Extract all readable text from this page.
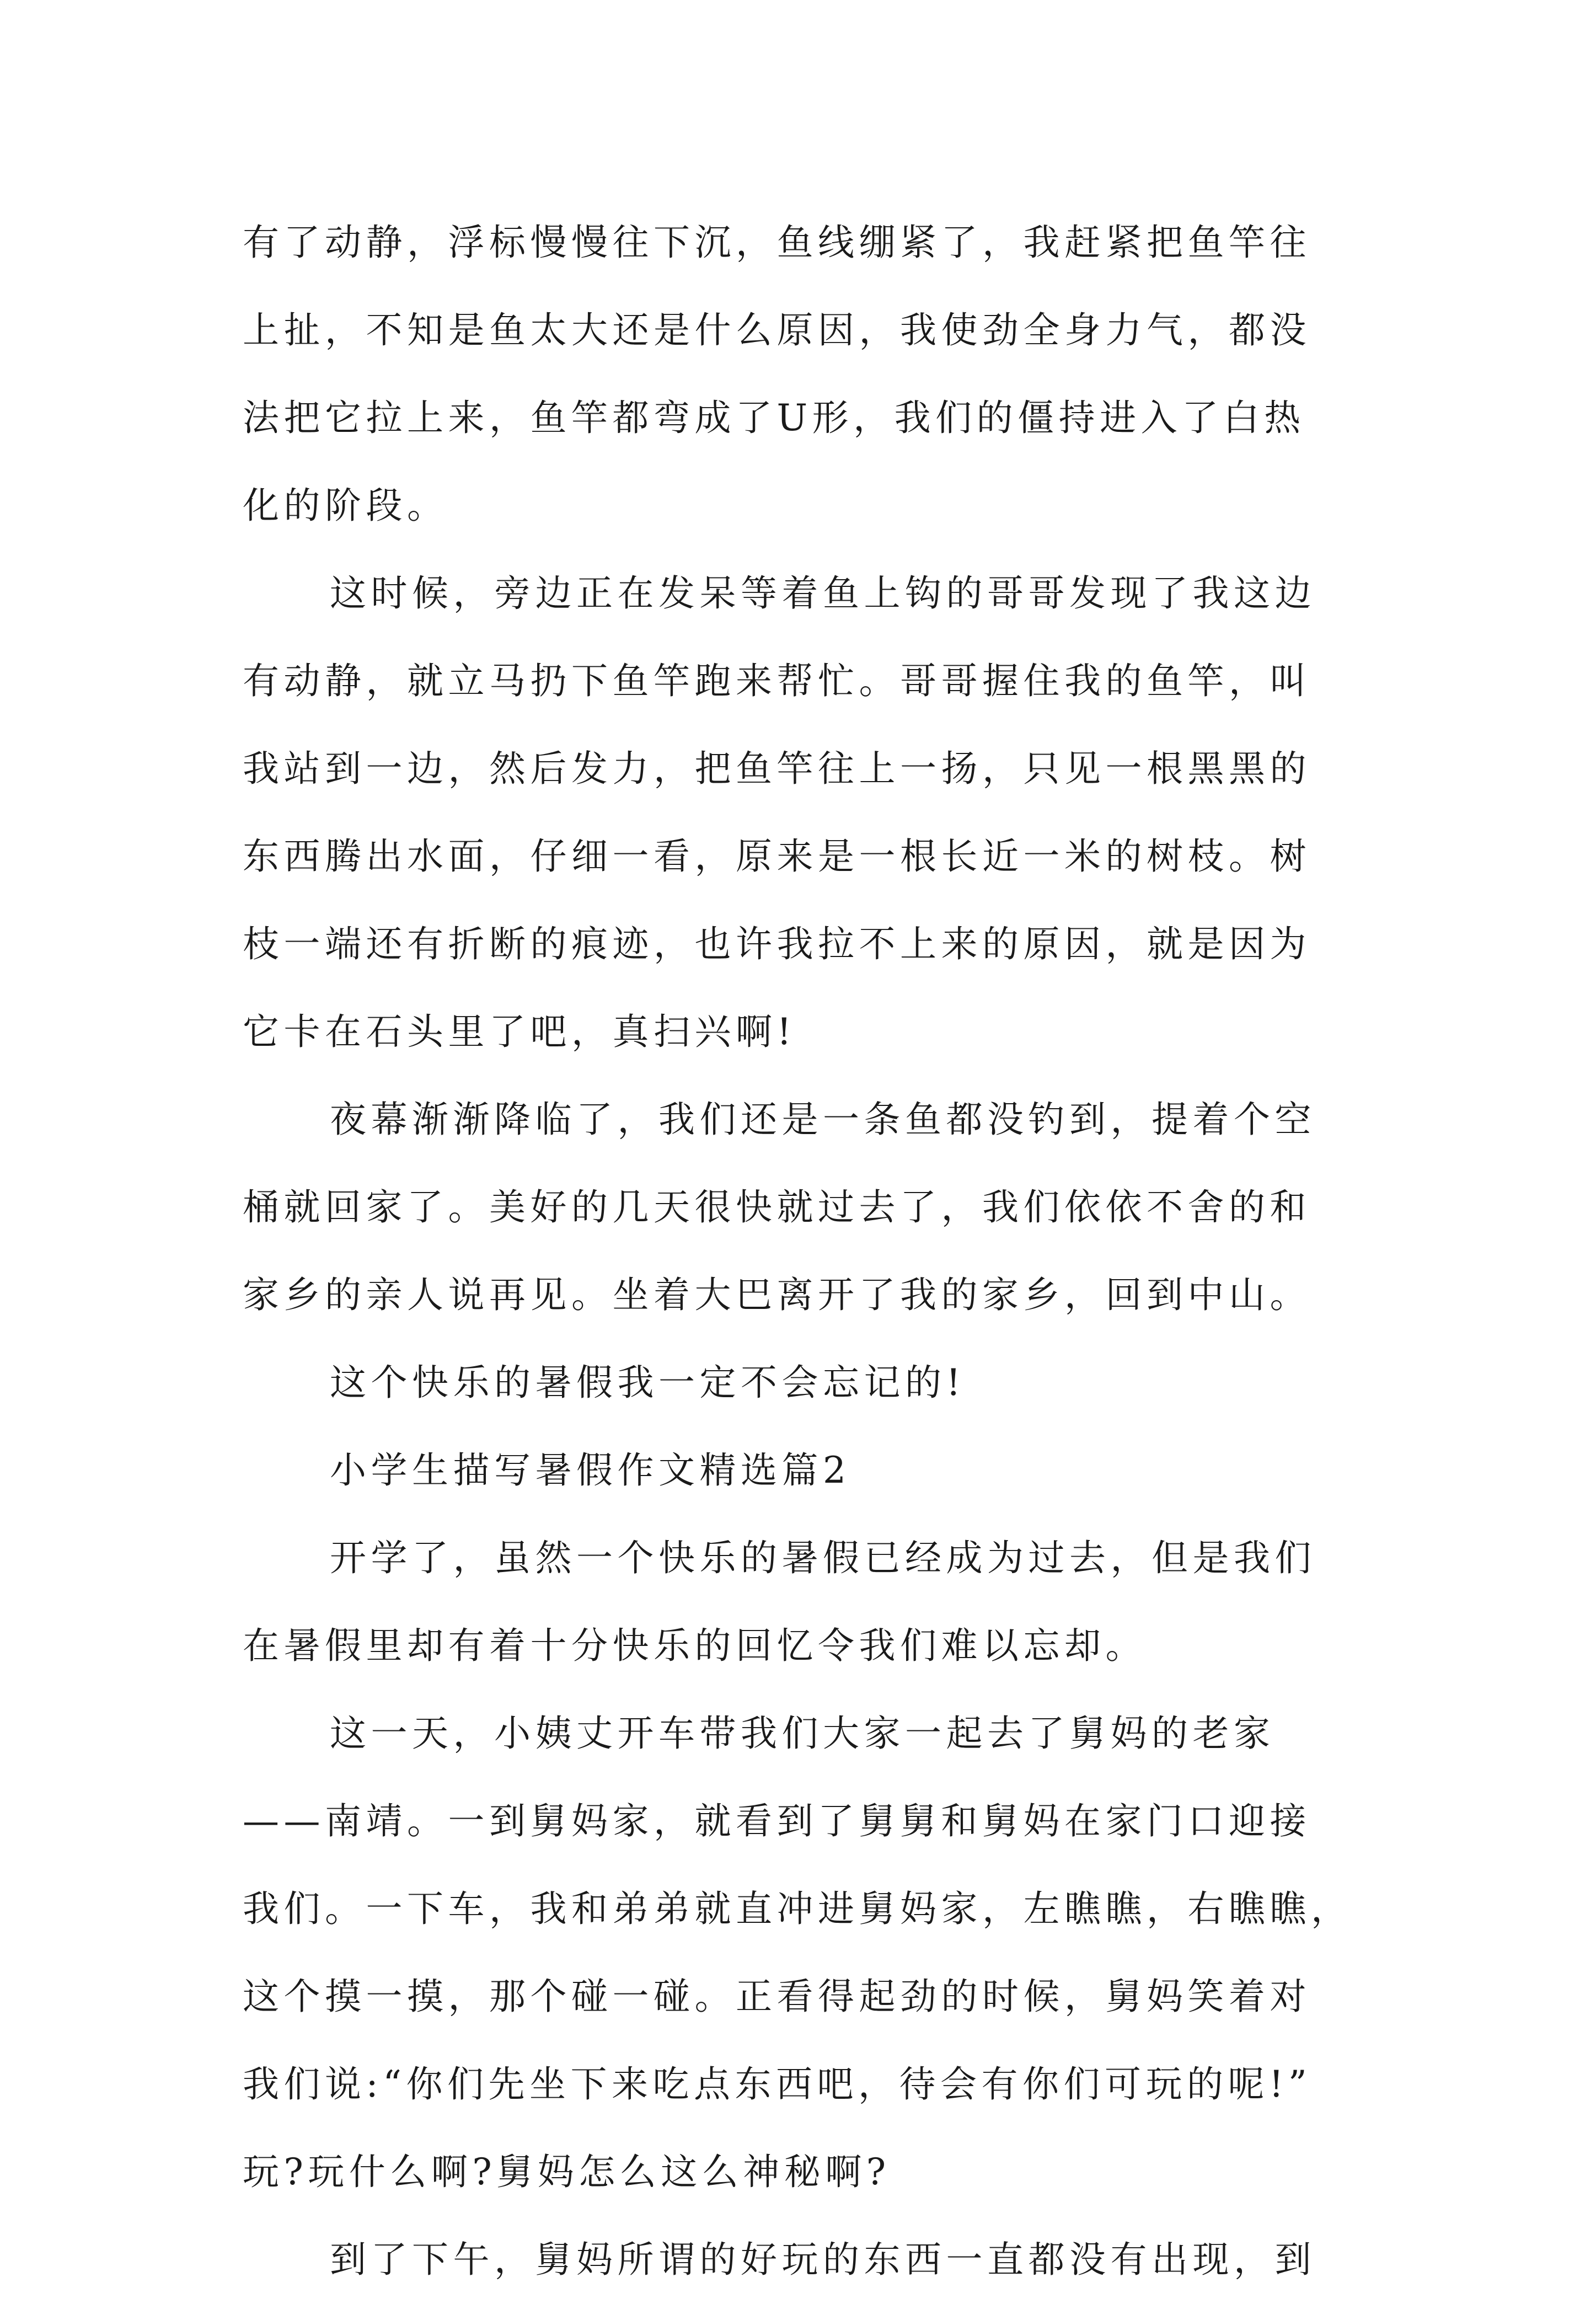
有了动静，浮标慢慢往下沉，鱼线绷紧了，我赶紧把鱼竿往

上扯，不知是鱼太大还是什么原因，我使劲全身力气，都没

法把它拉上来，鱼竿都弯成了U形，我们的僵持进入了白热

化的阶段。

这时候，旁边正在发呆等着鱼上钩的哥哥发现了我这边

有动静，就立马扔下鱼竿跑来帮忙。哥哥握住我的鱼竿，叫

我站到一边，然后发力，把鱼竿往上一扬，只见一根黑黑的

东西腾出水面，仔细一看，原来是一根长近一米的树枝。树

枝一端还有折断的痕迹，也许我拉不上来的原因，就是因为

它卡在石头里了吧，真扫兴啊!

夜幕渐渐降临了，我们还是一条鱼都没钓到，提着个空

桶就回家了。美好的几天很快就过去了，我们依依不舍的和

家乡的亲人说再见。坐着大巴离开了我的家乡，回到中山。

这个快乐的暑假我一定不会忘记的!

小学生描写暑假作文精选篇2

开学了，虽然一个快乐的暑假已经成为过去，但是我们

在暑假里却有着十分快乐的回忆令我们难以忘却。

这一天，小姨丈开车带我们大家一起去了舅妈的老家

——南靖。一到舅妈家，就看到了舅舅和舅妈在家门口迎接

我们。一下车，我和弟弟就直冲进舅妈家，左瞧瞧，右瞧瞧，

这个摸一摸，那个碰一碰。正看得起劲的时候，舅妈笑着对

我们说:“你们先坐下来吃点东西吧，待会有你们可玩的呢!”

玩?玩什么啊?舅妈怎么这么神秘啊?

到了下午，舅妈所谓的好玩的东西一直都没有出现，到
